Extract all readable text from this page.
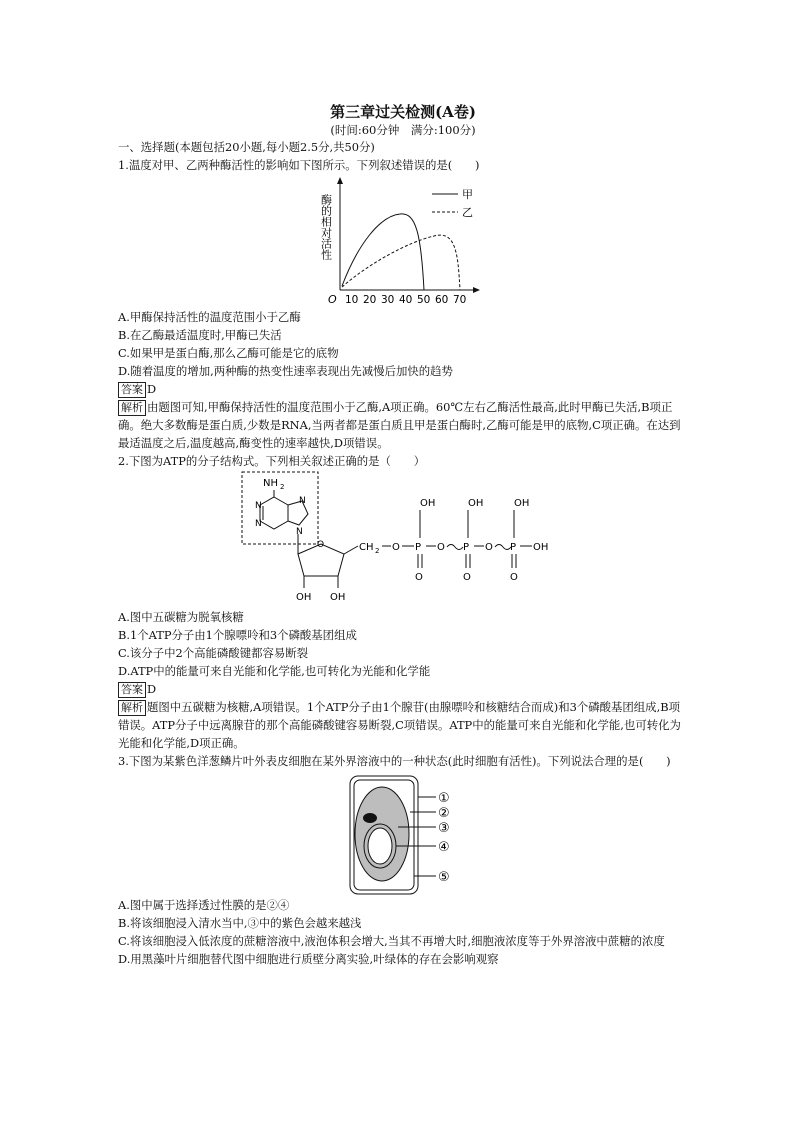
第三章过关检测(A卷)
(时间:60分钟　满分:100分)
一、选择题(本题包括20小题,每小题2.5分,共50分)
1.温度对甲、乙两种酶活性的影响如下图所示。下列叙述错误的是(　　)
酶的相对活性
O 10 20 30 40 50 60 70
甲
乙
A.甲酶保持活性的温度范围小于乙酶
B.在乙酶最适温度时,甲酶已失活
C.如果甲是蛋白酶,那么乙酶可能是它的底物
D.随着温度的增加,两种酶的热变性速率表现出先减慢后加快的趋势
答案 D
解析 由题图可知,甲酶保持活性的温度范围小于乙酶,A项正确。60℃左右乙酶活性最高,此时甲酶已失活,B项正确。绝大多数酶是蛋白质,少数是RNA,当两者都是蛋白质且甲是蛋白酶时,乙酶可能是甲的底物,C项正确。在达到最适温度之后,温度越高,酶变性的速率越快,D项错误。
2.下图为ATP的分子结构式。下列相关叙述正确的是（　　）
NH 2
N
N
N
N
O
OH OH
CH 2 O P
OH
O
O P
OH
O
O P
OH
O
OH
A.图中五碳糖为脱氧核糖
B.1个ATP分子由1个腺嘌呤和3个磷酸基团组成
C.该分子中2个高能磷酸键都容易断裂
D.ATP中的能量可来自光能和化学能,也可转化为光能和化学能
答案 D
解析 题图中五碳糖为核糖,A项错误。1个ATP分子由1个腺苷(由腺嘌呤和核糖结合而成)和3个磷酸基团组成,B项错误。ATP分子中远离腺苷的那个高能磷酸键容易断裂,C项错误。ATP中的能量可来自光能和化学能,也可转化为光能和化学能,D项正确。
3.下图为某紫色洋葱鳞片叶外表皮细胞在某外界溶液中的一种状态(此时细胞有活性)。下列说法合理的是(　　)
①
②
③
④
⑤
A.图中属于选择透过性膜的是②④
B.将该细胞浸入清水当中,③中的紫色会越来越浅
C.将该细胞浸入低浓度的蔗糖溶液中,液泡体积会增大,当其不再增大时,细胞液浓度等于外界溶液中蔗糖的浓度
D.用黑藻叶片细胞替代图中细胞进行质壁分离实验,叶绿体的存在会影响观察
